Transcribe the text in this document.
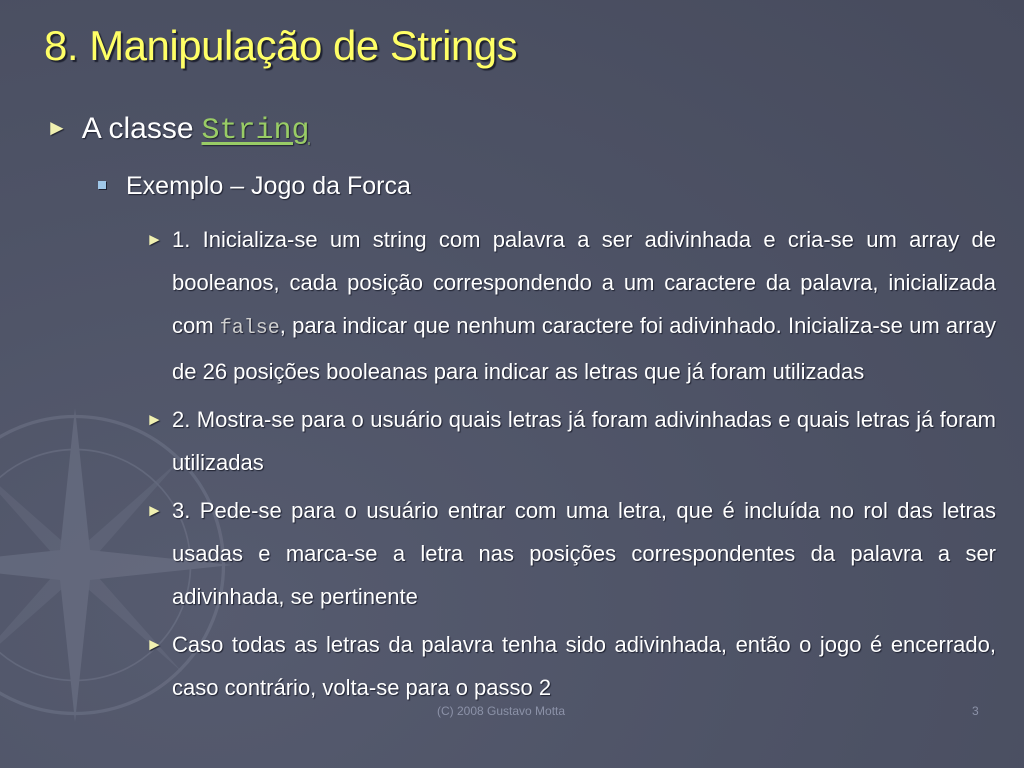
8. Manipulação de Strings
► A classe String
Exemplo – Jogo da Forca
► 1. Inicializa-se um string com palavra a ser adivinhada e cria-se um array de booleanos, cada posição correspondendo a um caractere da palavra, inicializada com false, para indicar que nenhum caractere foi adivinhado. Inicializa-se um array de 26 posições booleanas para indicar as letras que já foram utilizadas
► 2. Mostra-se para o usuário quais letras já foram adivinhadas e quais letras já foram utilizadas
► 3. Pede-se para o usuário entrar com uma letra, que é incluída no rol das letras usadas e marca-se a letra nas posições correspondentes da palavra a ser adivinhada, se pertinente
► Caso todas as letras da palavra tenha sido adivinhada, então o jogo é encerrado, caso contrário, volta-se para o passo 2
(C) 2008 Gustavo Motta	3
